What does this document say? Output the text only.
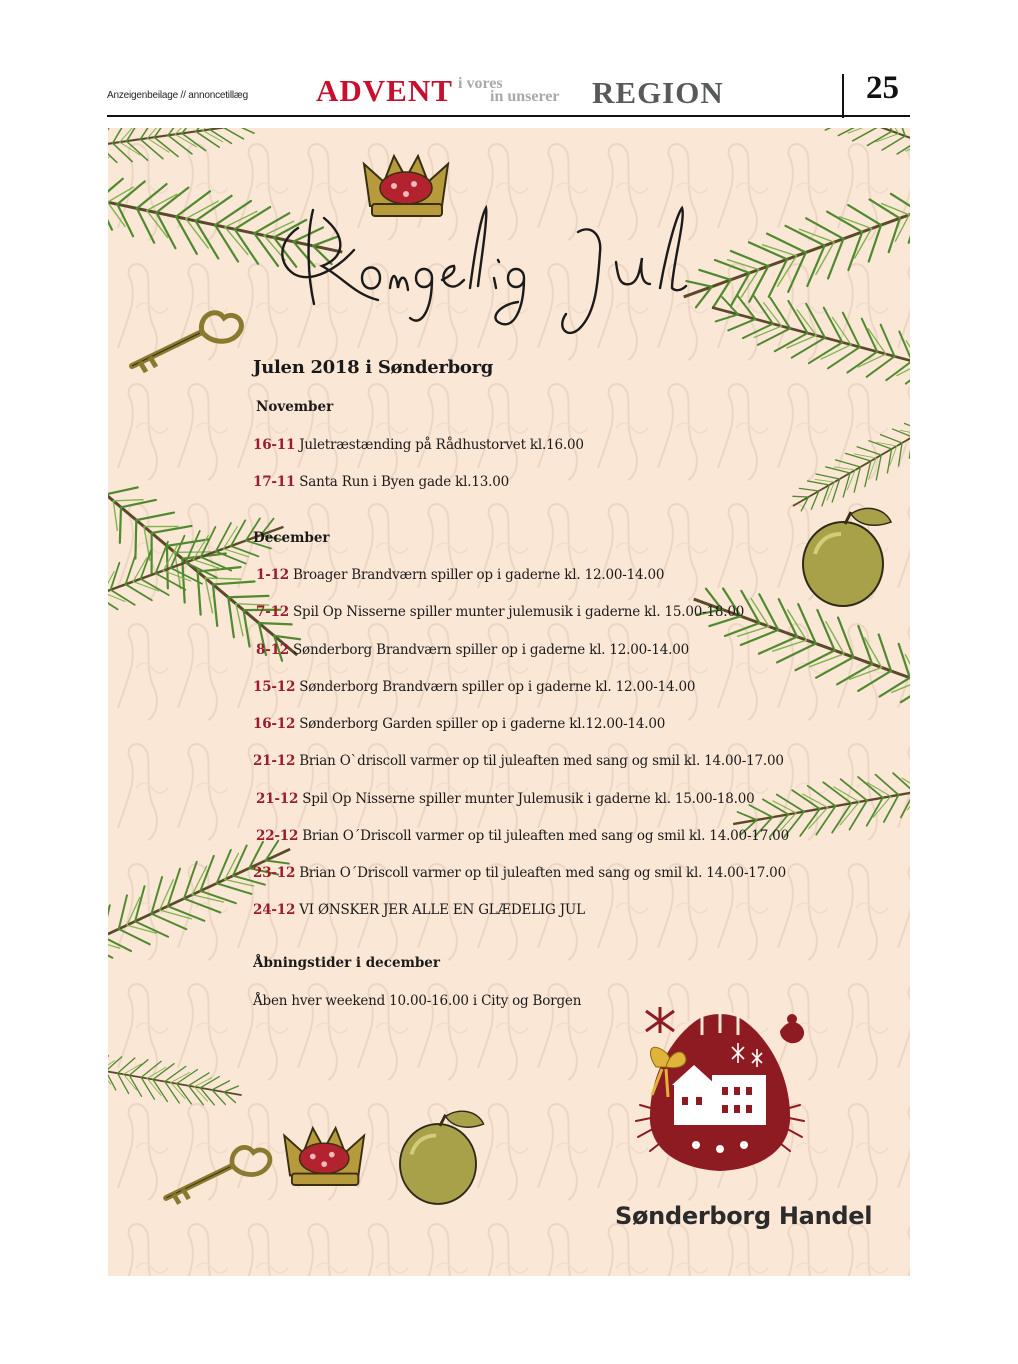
Anzeigenbeilage // annoncetillæg ADVENT i vores
in unserer REGION	25
Julen 2018 i Sønderborg
November
16-11 Juletræstænding på Rådhustorvet kl.16.00
17-11 Santa Run i Byen gade kl.13.00
December
1-12 Broager Brandværn spiller op i gaderne kl. 12.00-14.00
7-12 Spil Op Nisserne spiller munter julemusik i gaderne kl. 15.00-18.00
8-12 Sønderborg Brandværn spiller op i gaderne kl. 12.00-14.00
15-12 Sønderborg Brandværn spiller op i gaderne kl. 12.00-14.00
16-12 Sønderborg Garden spiller op i gaderne kl.12.00-14.00
21-12 Brian O`driscoll varmer op til juleaften med sang og smil kl. 14.00-17.00
21-12 Spil Op Nisserne spiller munter Julemusik i gaderne kl. 15.00-18.00
22-12 Brian O´Driscoll varmer op til juleaften med sang og smil kl. 14.00-17.00
23-12 Brian O´Driscoll varmer op til juleaften med sang og smil kl. 14.00-17.00
24-12 VI ØNSKER JER ALLE EN GLÆDELIG JUL
Åbningstider i december
Åben hver weekend 10.00-16.00 i City og Borgen
Sønderborg Handel
